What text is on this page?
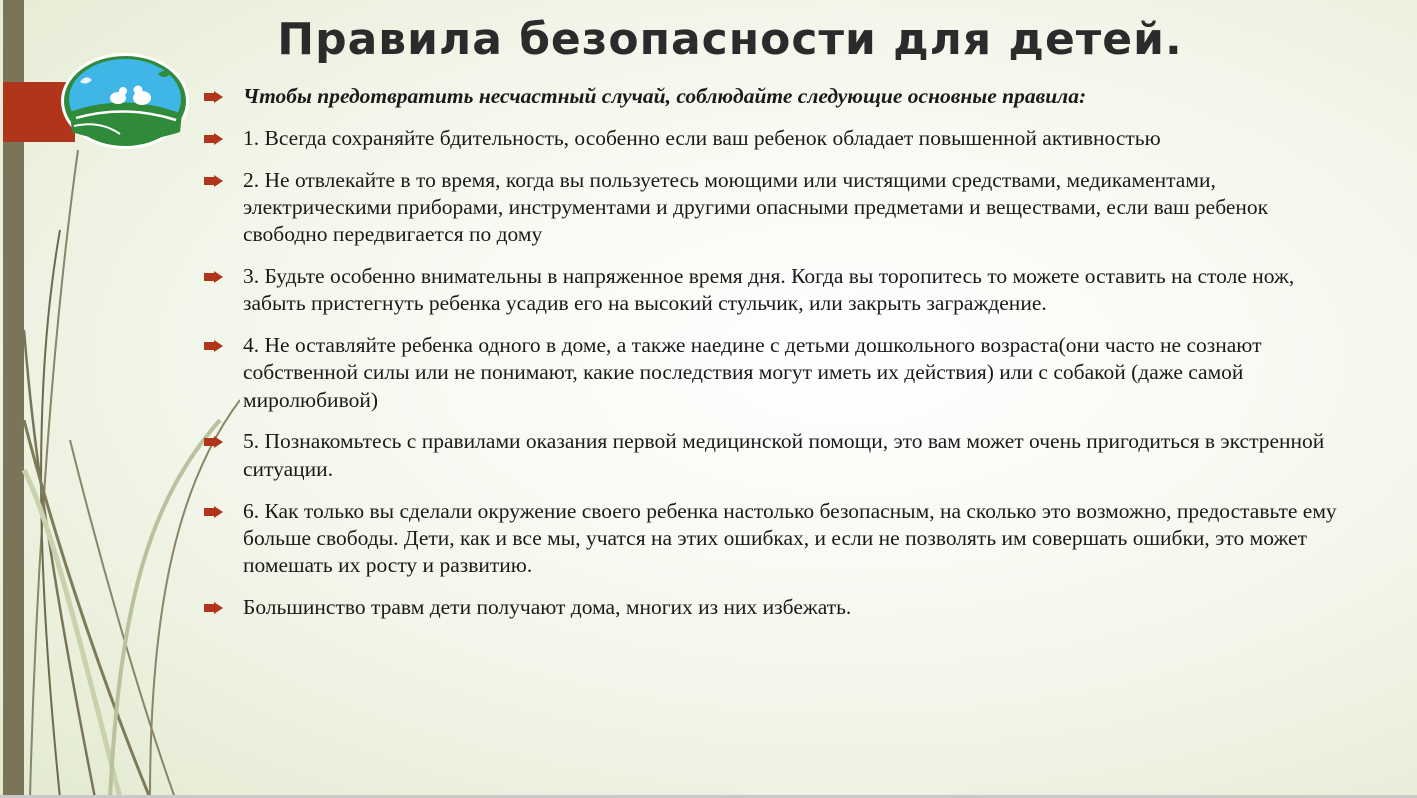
Правила безопасности для детей.
Чтобы предотвратить несчастный случай, соблюдайте следующие основные правила:
1. Всегда сохраняйте бдительность, особенно если ваш ребенок обладает повышенной активностью
2. Не отвлекайте в то время, когда вы пользуетесь моющими или чистящими средствами, медикаментами, электрическими приборами, инструментами и другими опасными предметами и веществами, если ваш ребенок свободно передвигается по дому
3. Будьте особенно внимательны в напряженное время дня. Когда вы торопитесь то можете оставить на столе нож, забыть пристегнуть ребенка усадив его на высокий стульчик, или закрыть заграждение.
4. Не оставляйте ребенка одного в доме, а также наедине с детьми дошкольного возраста(они часто не сознают собственной силы или не понимают, какие последствия могут иметь их действия) или с собакой (даже самой миролюбивой)
5. Познакомьтесь с правилами оказания первой медицинской помощи, это вам может очень пригодиться в экстренной ситуации.
6. Как только вы сделали окружение своего ребенка настолько безопасным, на сколько это возможно, предоставьте ему больше свободы. Дети, как и все мы, учатся на этих ошибках, и если не позволять им совершать ошибки, это может помешать их росту и развитию.
Большинство травм дети получают дома, многих из них избежать.
